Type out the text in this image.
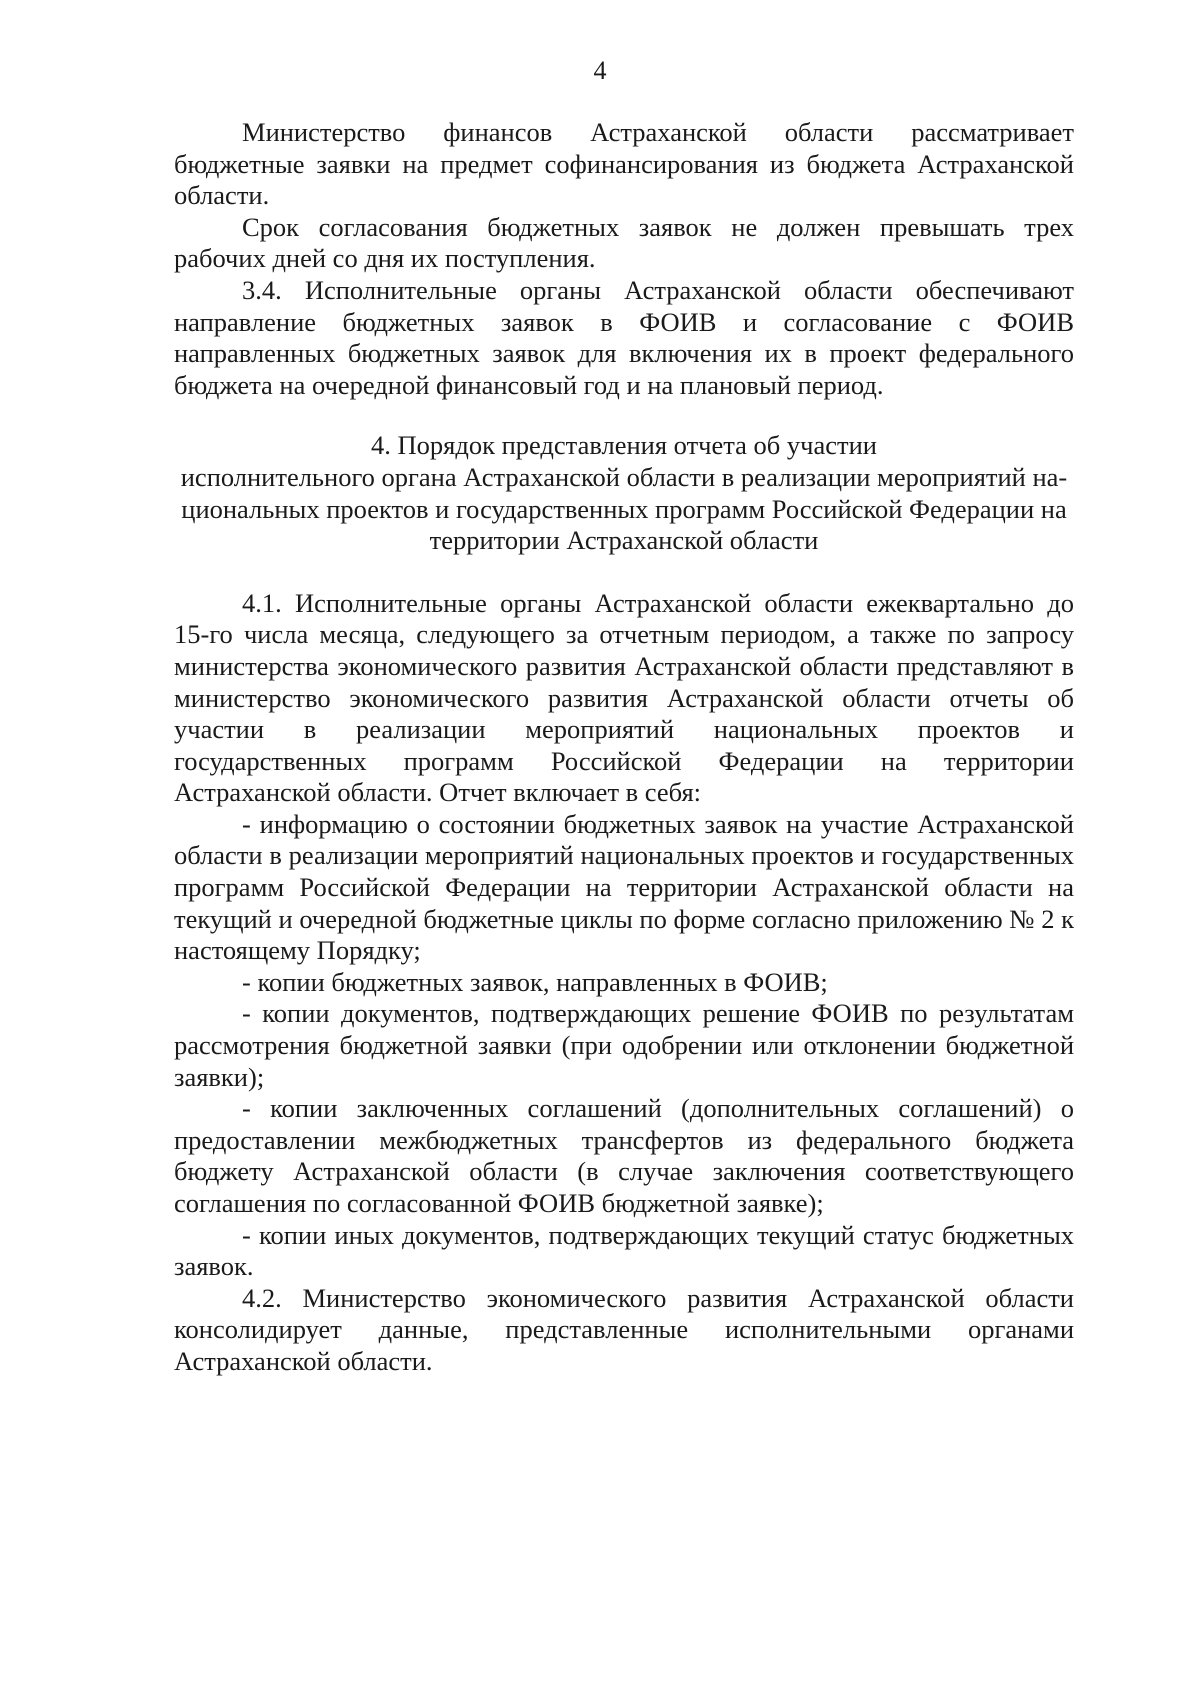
4

Министерство финансов Астраханской области рассматривает бюджетные заявки на предмет софинансирования из бюджета Астраханской области.

Срок согласования бюджетных заявок не должен превышать трех рабочих дней со дня их поступления.

3.4. Исполнительные органы Астраханской области обеспечивают направление бюджетных заявок в ФОИВ и согласование с ФОИВ направленных бюджетных заявок для включения их в проект федерального бюджета на очередной финансовый год и на плановый период.

4. Порядок представления отчета об участии
исполнительного органа Астраханской области в реализации мероприятий на-
циональных проектов и государственных программ Российской Федерации на
территории Астраханской области

4.1. Исполнительные органы Астраханской области ежеквартально до 15-го числа месяца, следующего за отчетным периодом, а также по запросу министерства экономического развития Астраханской области представляют в министерство экономического развития Астраханской области отчеты об участии в реализации мероприятий национальных проектов и государственных программ Российской Федерации на территории Астраханской области. Отчет включает в себя:

- информацию о состоянии бюджетных заявок на участие Астраханской области в реализации мероприятий национальных проектов и государственных программ Российской Федерации на территории Астраханской области на текущий и очередной бюджетные циклы по форме согласно приложению № 2 к настоящему Порядку;

- копии бюджетных заявок, направленных в ФОИВ;

- копии документов, подтверждающих решение ФОИВ по результатам рассмотрения бюджетной заявки (при одобрении или отклонении бюджетной заявки);

- копии заключенных соглашений (дополнительных соглашений) о предоставлении межбюджетных трансфертов из федерального бюджета бюджету Астраханской области (в случае заключения соответствующего соглашения по согласованной ФОИВ бюджетной заявке);

- копии иных документов, подтверждающих текущий статус бюджетных заявок.

4.2. Министерство экономического развития Астраханской области консолидирует данные, представленные исполнительными органами Астраханской области.
